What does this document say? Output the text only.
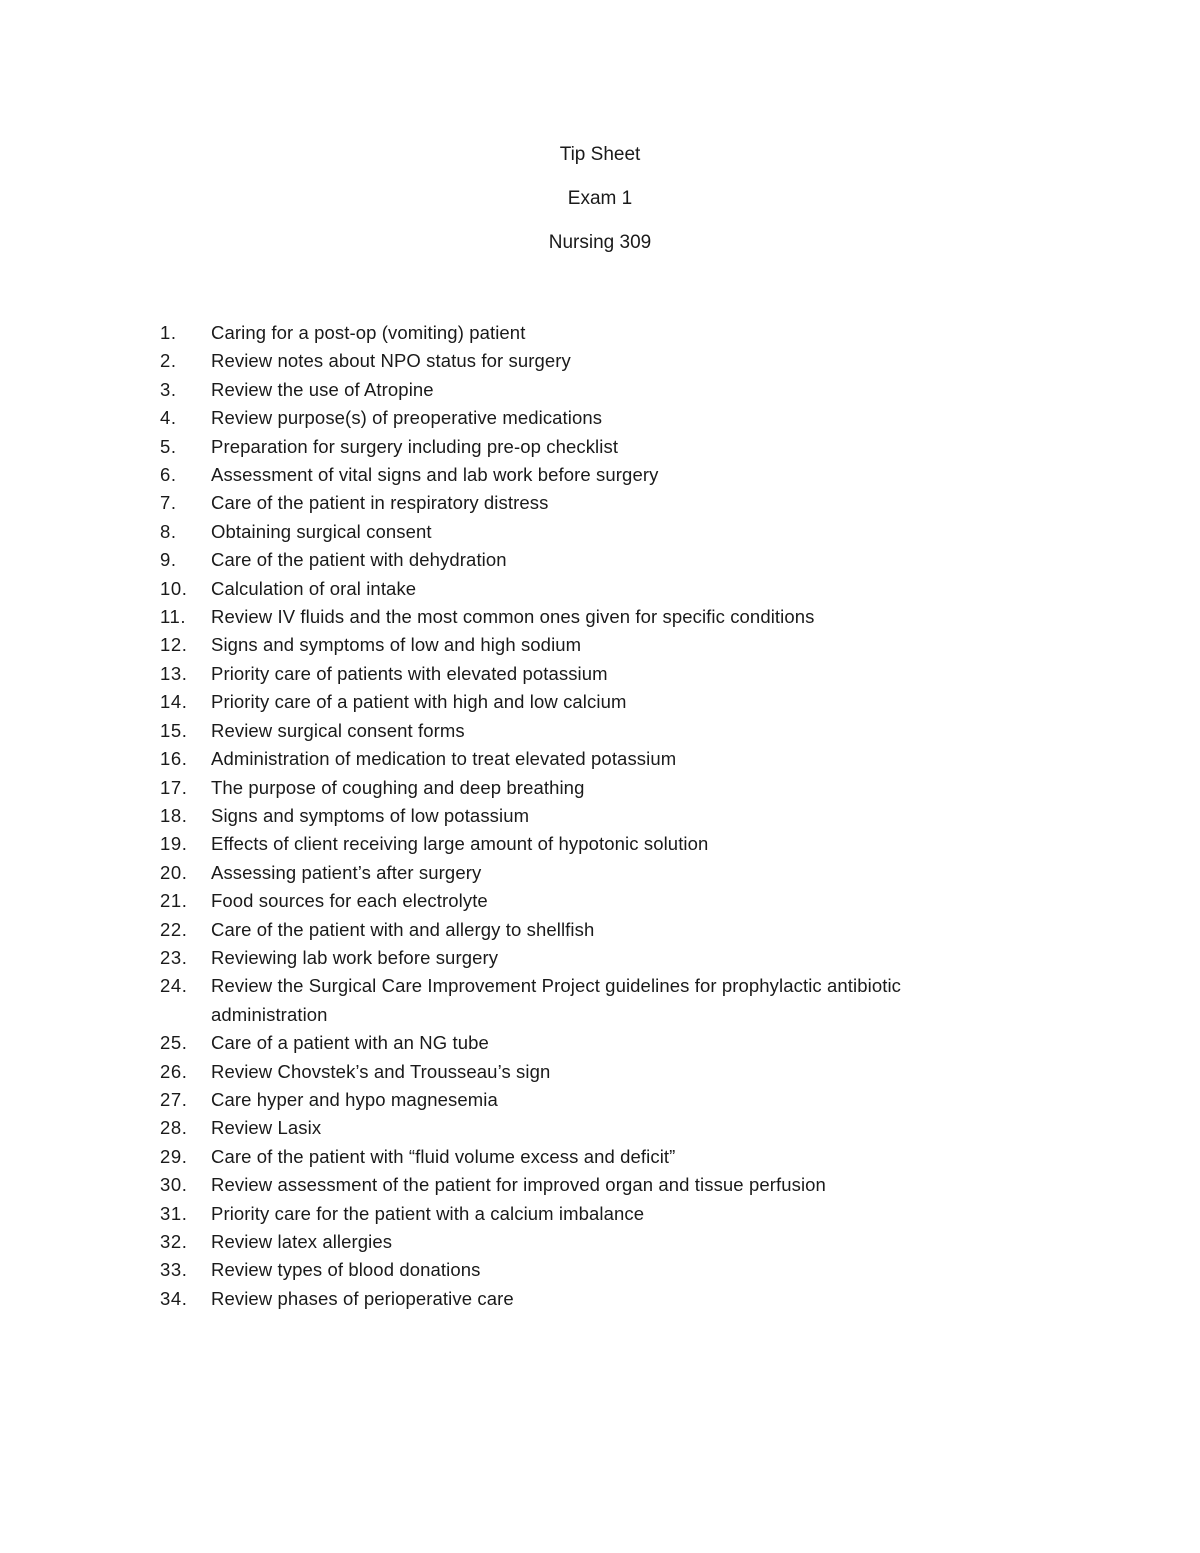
Tip Sheet
Exam 1
Nursing 309
1.	Caring for a post-op (vomiting) patient
2.	Review notes about NPO status for surgery
3.	Review the use of Atropine
4.	Review purpose(s) of preoperative medications
5.	Preparation for surgery including pre-op checklist
6.	Assessment of vital signs and lab work before surgery
7.	Care of the patient in respiratory distress
8.	Obtaining surgical consent
9.	Care of the patient with dehydration
10.	Calculation of oral intake
11.	Review IV fluids and the most common ones given for specific conditions
12.	Signs and symptoms of low and high sodium
13.	Priority care of patients with elevated potassium
14.	Priority care of a patient with high and low calcium
15.	Review surgical consent forms
16.	Administration of medication to treat elevated potassium
17.	The purpose of coughing and deep breathing
18.	Signs and symptoms of low potassium
19.	Effects of client receiving large amount of hypotonic solution
20.	Assessing patient’s after surgery
21.	Food sources for each electrolyte
22.	Care of the patient with and allergy to shellfish
23.	Reviewing lab work before surgery
24.	Review the Surgical Care Improvement Project guidelines for prophylactic antibiotic administration
25.	Care of a patient with an NG tube
26.	Review Chovstek’s and Trousseau’s sign
27.	Care hyper and hypo magnesemia
28.	Review Lasix
29.	Care of the patient with “fluid volume excess and deficit”
30.	Review assessment of the patient for improved organ and tissue perfusion
31.	Priority care for the patient with a calcium imbalance
32.	Review latex allergies
33.	Review types of blood donations
34.	Review phases of perioperative care
